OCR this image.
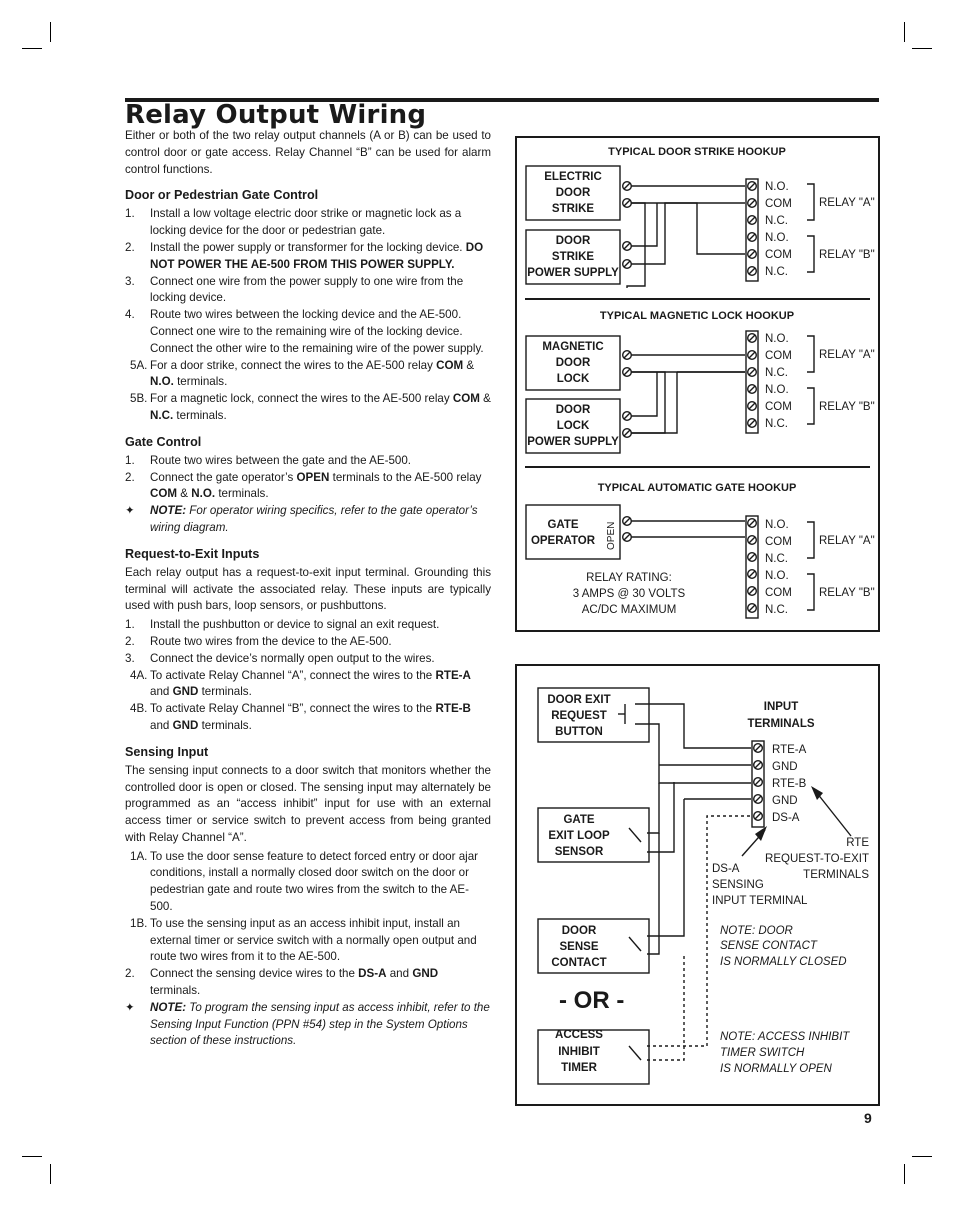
Relay Output Wiring

Either or both of the two relay output channels (A or B) can be used to control door or gate access. Relay Channel “B” can be used for alarm control functions.

Door or Pedestrian Gate Control
1.	Install a low voltage electric door strike or magnetic lock as a locking device for the door or pedestrian gate.
2.	Install the power supply or transformer for the locking device. DO NOT POWER THE AE-500 FROM THIS POWER SUPPLY.
3.	Connect one wire from the power supply to one wire from the locking device.
4.	Route two wires between the locking device and the AE-500. Connect one wire to the remaining wire of the locking device. Connect the other wire to the remaining wire of the power supply.
5A. For a door strike, connect the wires to the AE-500 relay COM & N.O. terminals.
5B. For a magnetic lock, connect the wires to the AE-500 relay COM & N.C. terminals.
Gate Control
1.	Route two wires between the gate and the AE-500.
2.	Connect the gate operator’s OPEN terminals to the AE-500 relay COM & N.O. terminals.
✦	NOTE: For operator wiring specifics, refer to the gate operator’s wiring diagram.
Request-to-Exit Inputs

Each relay output has a request-to-exit input terminal. Grounding this terminal will activate the associated relay. These inputs are typically used with push bars, loop sensors, or pushbuttons.

1.	Install the pushbutton or device to signal an exit request.
2.	Route two wires from the device to the AE-500.
3.	Connect the device’s normally open output to the wires.
4A. To activate Relay Channel “A”, connect the wires to the RTE-A and GND terminals.
4B. To activate Relay Channel “B”, connect the wires to the RTE-B and GND terminals.
Sensing Input

The sensing input connects to a door switch that monitors whether the controlled door is open or closed. The sensing input may alternately be programmed as an “access inhibit” input for use with an external access timer or service switch to prevent access from being granted with Relay Channel “A”.

1A. To use the door sense feature to detect forced entry or door ajar conditions, install a normally closed door switch on the door or pedestrian gate and route two wires from the switch to the AE-500.
1B. To use the sensing input as an access inhibit input, install an external timer or service switch with a normally open output and route two wires from it to the AE-500.
2.	Connect the sensing device wires to the DS-A and GND terminals.
✦	NOTE: To program the sensing input as access inhibit, refer to the Sensing Input Function (PPN #54) step in the System Options section of these instructions.
TYPICAL DOOR STRIKE HOOKUP
TYPICAL MAGNETIC LOCK HOOKUP
TYPICAL AUTOMATIC GATE HOOKUP
ELECTRIC
DOOR
STRIKE
DOOR
STRIKE
POWER SUPPLY
MAGNETIC
DOOR
LOCK
DOOR
LOCK
POWER SUPPLY
GATE
OPERATOR OPEN
N.O.
COM
N.C.
N.O.
COM
N.C.
N.O.
COM
N.C.
N.O.
COM
N.C.
N.O.
COM
N.C.
N.O.
COM
N.C.
RELAY "A"
RELAY "B"
RELAY "A"
RELAY "B"
RELAY "A"
RELAY "B"
RELAY RATING:
3 AMPS @ 30 VOLTS
AC/DC MAXIMUM
DOOR EXIT
REQUEST
BUTTON
GATE
EXIT LOOP
SENSOR
DOOR
SENSE
CONTACT
ACCESS
INHIBIT
TIMER
INPUT
TERMINALS
RTE-A
GND
RTE-B
GND
DS-A
RTE
REQUEST-TO-EXIT
TERMINALS
DS-A
SENSING
INPUT TERMINAL
NOTE: DOOR
SENSE CONTACT
IS NORMALLY CLOSED
NOTE: ACCESS INHIBIT
TIMER SWITCH
IS NORMALLY OPEN
- OR -
9
